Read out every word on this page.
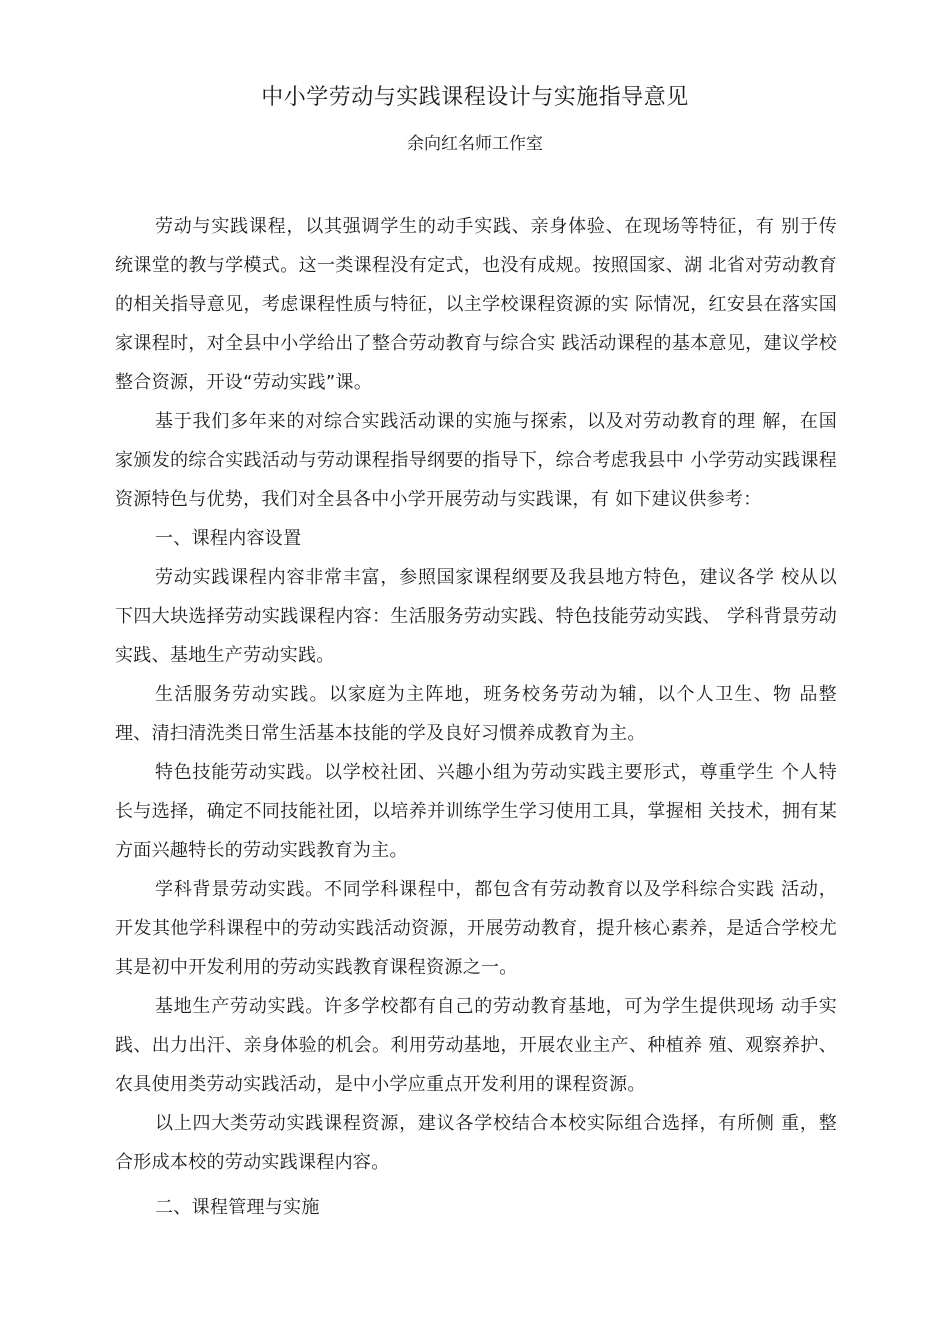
中小学劳动与实践课程设计与实施指导意见
余向红名师工作室

劳动与实践课程，以其强调学生的动手实践、亲身体验、在现场等特征，有 别于传统课堂的教与学模式。这一类课程没有定式，也没有成规。按照国家、湖 北省对劳动教育的相关指导意见，考虑课程性质与特征，以主学校课程资源的实 际情况，红安县在落实国家课程时，对全县中小学给出了整合劳动教育与综合实 践活动课程的基本意见，建议学校整合资源，开设“劳动实践”课。

基于我们多年来的对综合实践活动课的实施与探索，以及对劳动教育的理 解，在国家颁发的综合实践活动与劳动课程指导纲要的指导下，综合考虑我县中 小学劳动实践课程资源特色与优势，我们对全县各中小学开展劳动与实践课，有 如下建议供参考：

一、课程内容设置

劳动实践课程内容非常丰富，参照国家课程纲要及我县地方特色，建议各学 校从以下四大块选择劳动实践课程内容：生活服务劳动实践、特色技能劳动实践、 学科背景劳动实践、基地生产劳动实践。

生活服务劳动实践。以家庭为主阵地，班务校务劳动为辅，以个人卫生、物 品整理、清扫清洗类日常生活基本技能的学及良好习惯养成教育为主。

特色技能劳动实践。以学校社团、兴趣小组为劳动实践主要形式，尊重学生 个人特长与选择，确定不同技能社团，以培养并训练学生学习使用工具，掌握相 关技术，拥有某方面兴趣特长的劳动实践教育为主。

学科背景劳动实践。不同学科课程中，都包含有劳动教育以及学科综合实践 活动，开发其他学科课程中的劳动实践活动资源，开展劳动教育，提升核心素养，是适合学校尤其是初中开发利用的劳动实践教育课程资源之一。

基地生产劳动实践。许多学校都有自己的劳动教育基地，可为学生提供现场 动手实践、出力出汗、亲身体验的机会。利用劳动基地，开展农业主产、种植养 殖、观察养护、农具使用类劳动实践活动，是中小学应重点开发利用的课程资源。

以上四大类劳动实践课程资源，建议各学校结合本校实际组合选择，有所侧 重，整合形成本校的劳动实践课程内容。

二、课程管理与实施
